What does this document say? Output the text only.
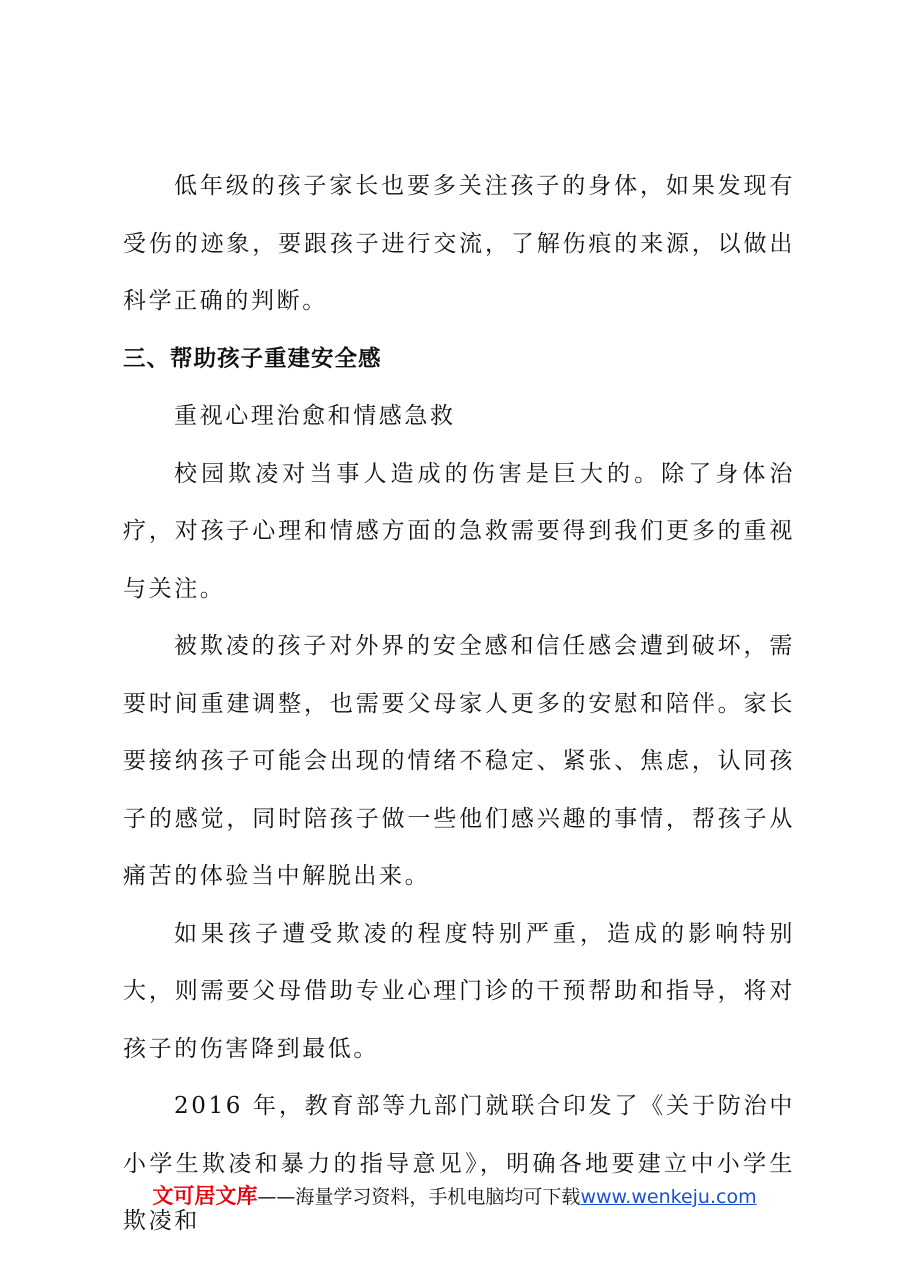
低年级的孩子家长也要多关注孩子的身体，如果发现有受伤的迹象，要跟孩子进行交流，了解伤痕的来源，以做出科学正确的判断。

三、帮助孩子重建安全感

重视心理治愈和情感急救

校园欺凌对当事人造成的伤害是巨大的。除了身体治疗，对孩子心理和情感方面的急救需要得到我们更多的重视与关注。

被欺凌的孩子对外界的安全感和信任感会遭到破坏，需要时间重建调整，也需要父母家人更多的安慰和陪伴。家长要接纳孩子可能会出现的情绪不稳定、紧张、焦虑，认同孩子的感觉，同时陪孩子做一些他们感兴趣的事情，帮孩子从痛苦的体验当中解脱出来。

如果孩子遭受欺凌的程度特别严重，造成的影响特别大，则需要父母借助专业心理门诊的干预帮助和指导，将对孩子的伤害降到最低。

2016 年，教育部等九部门就联合印发了《关于防治中小学生欺凌和暴力的指导意见》，明确各地要建立中小学生欺凌和

文可居文库——海量学习资料，手机电脑均可下载www.wenkeju.com
